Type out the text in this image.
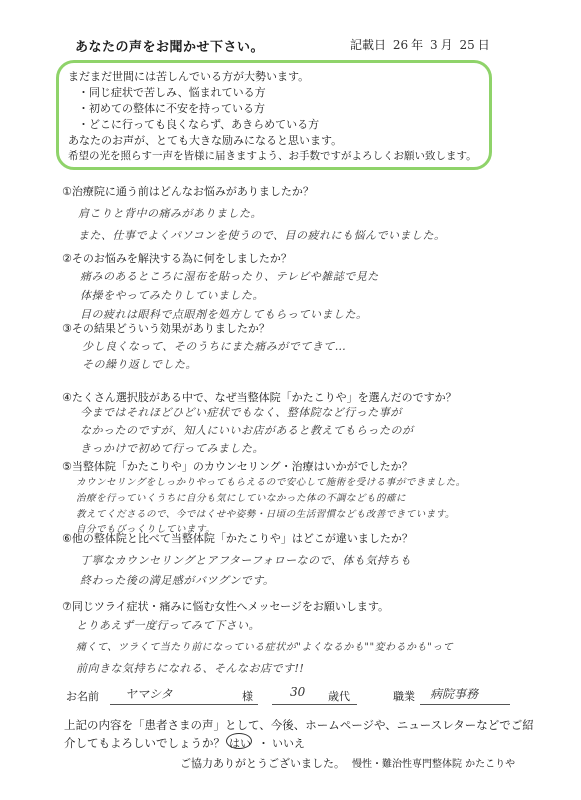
あなたの声をお聞かせ下さい。	記載日 26 年 3 月 25 日
まだまだ世間には苦しんでいる方が大勢います。
・同じ症状で苦しみ、悩まれている方
・初めての整体に不安を持っている方
・どこに行っても良くならず、あきらめている方
あなたのお声が、とても大きな励みになると思います。
希望の光を照らす一声を皆様に届きますよう、お手数ですがよろしくお願い致します。
①治療院に通う前はどんなお悩みがありましたか？
肩こりと背中の痛みがありました。
また、仕事でよくパソコンを使うので、目の疲れにも悩んでいました。
②そのお悩みを解決する為に何をしましたか？
痛みのあるところに湿布を貼ったり、テレビや雑誌で見た
体操をやってみたりしていました。
目の疲れは眼科で点眼剤を処方してもらっていました。
③その結果どういう効果がありましたか？
少し良くなって、そのうちにまた痛みがでてきて…
その繰り返しでした。
④たくさん選択肢がある中で、なぜ当整体院「かたこりや」を選んだのですか？
今まではそれほどひどい症状でもなく、整体院など行った事が
なかったのですが、知人にいいお店があると教えてもらったのが
きっかけで初めて行ってみました。
⑤当整体院「かたこりや」のカウンセリング・治療はいかがでしたか？
カウンセリングをしっかりやってもらえるので安心して施術を受ける事ができました。
治療を行っていくうちに自分も気にしていなかった体の不調なども的確に
教えてくださるので、今ではくせや姿勢・日頃の生活習慣なども改善できています。
自分でもびっくりしています。
⑥他の整体院と比べて当整体院「かたこりや」はどこが違いましたか？
丁寧なカウンセリングとアフターフォローなので、体も気持ちも
終わった後の満足感がバツグンです。
⑦同じツライ症状・痛みに悩む女性へメッセージをお願いします。
とりあえず一度行ってみて下さい。
痛くて、ツラくて当たり前になっている症状が"よくなるかも""変わるかも"って
前向きな気持ちになれる、そんなお店です!!
お名前 ヤマシタ	様	30 歳代	職業 病院事務
上記の内容を「患者さまの声」として、今後、ホームページや、ニュースレターなどでご紹
介してもよろしいでしょうか？ はい ・ いいえ
ご協力ありがとうございました。 慢性・難治性専門整体院 かたこりや
